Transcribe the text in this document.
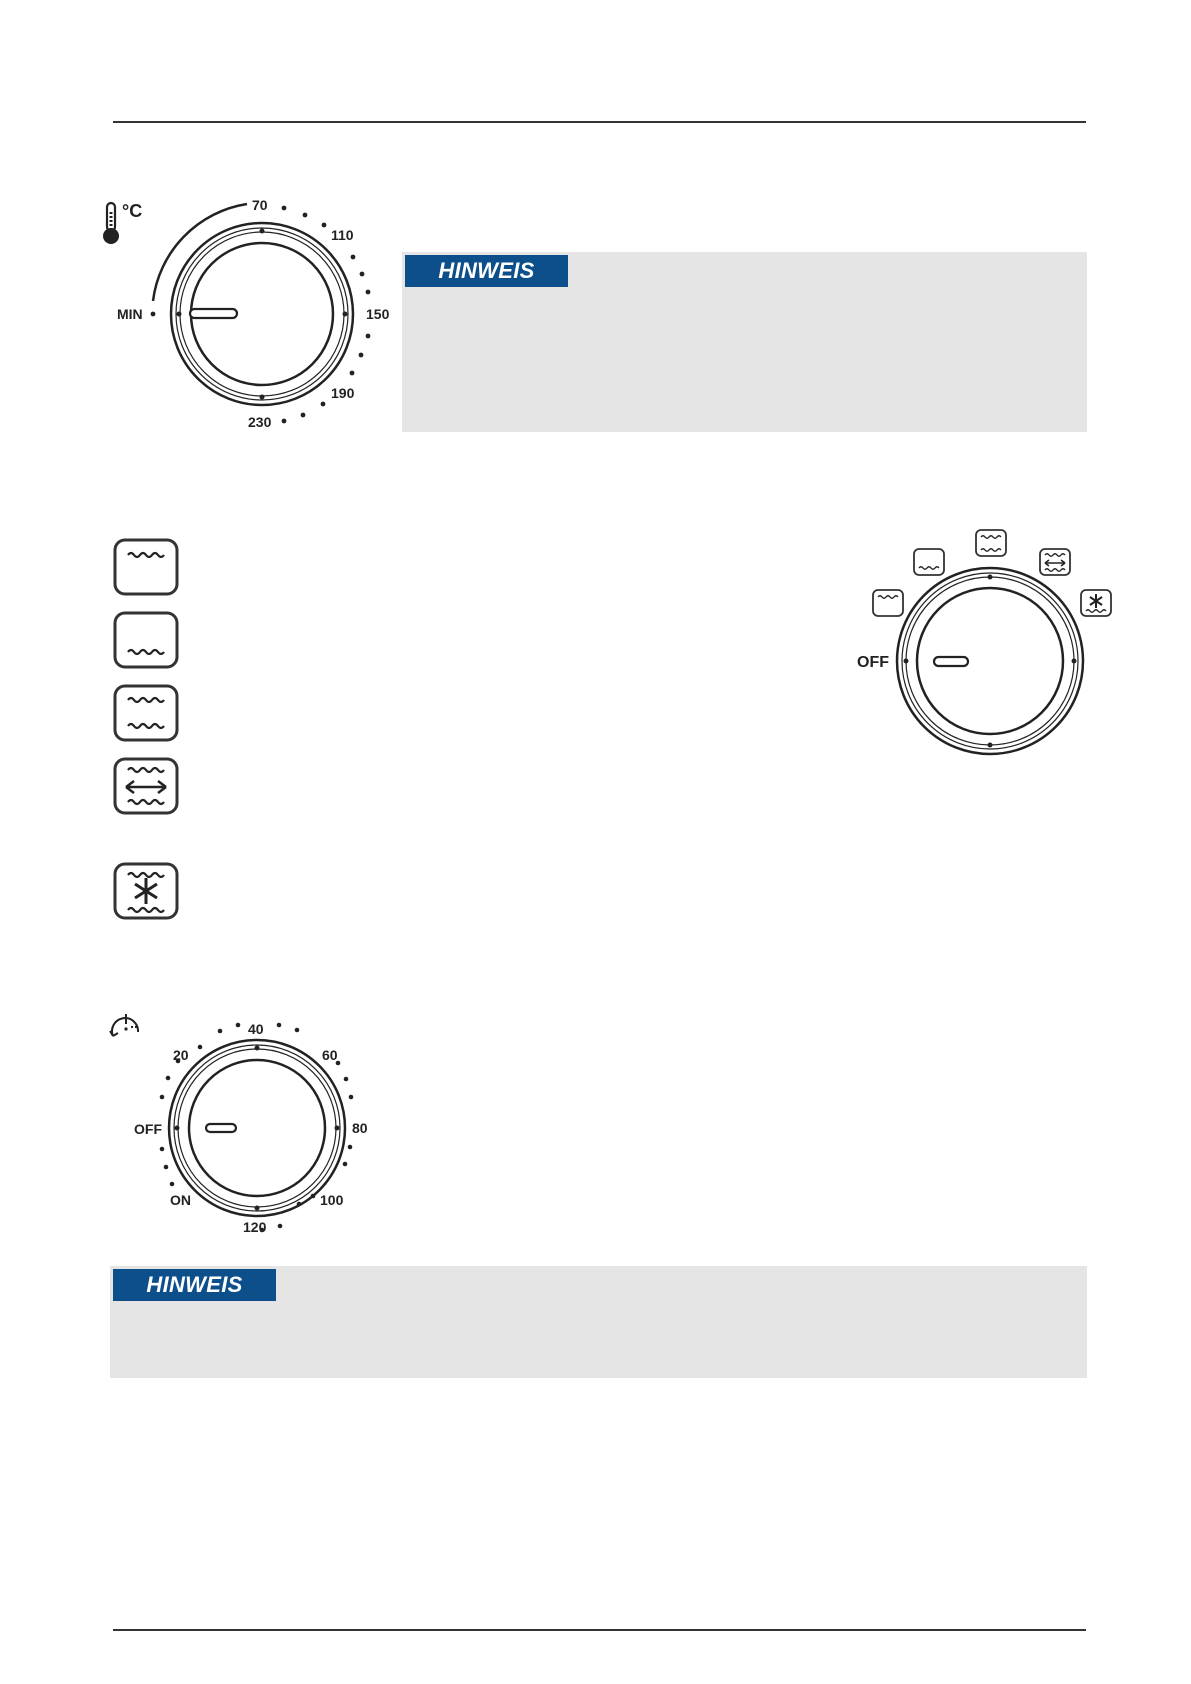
°C
MIN
70
110
150
190
230
HINWEIS
OFF
OFF
ON
20
40
60
80
100
120
HINWEIS
